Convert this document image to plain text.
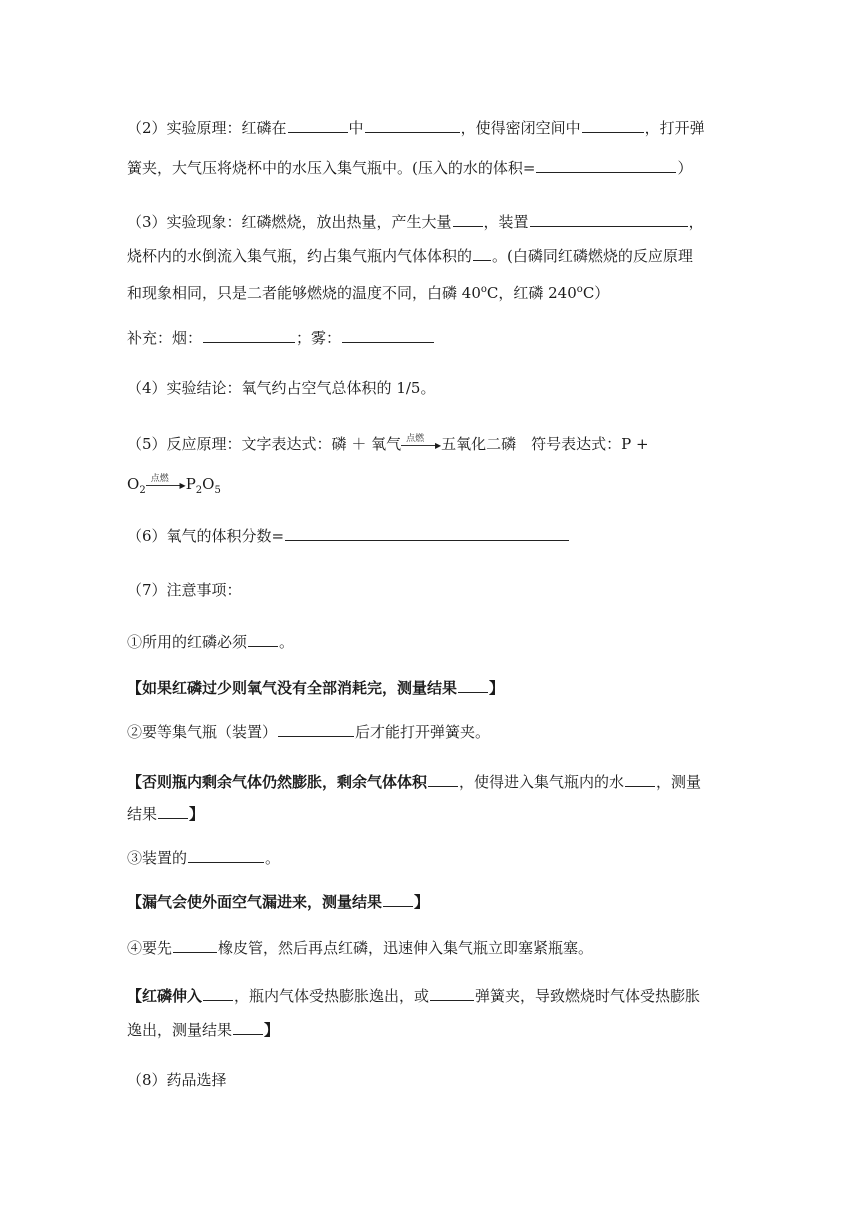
（2）实验原理：红磷在	中	，使得密闭空间中	，打开弹
簧夹，大气压将烧杯中的水压入集气瓶中。(压入的水的体积=	）
（3）实验现象：红磷燃烧，放出热量，产生大量 ，装置	，
烧杯内的水倒流入集气瓶，约占集气瓶内气体体积的 。(白磷同红磷燃烧的反应原理
和现象相同，只是二者能够燃烧的温度不同，白磷 40$^o$C，红磷 240$^o$C）
补充：烟：	；雾：
（4）实验结论：氧气约占空气总体积的 1/5。
（5）反应原理：文字表达式：磷 ＋ 氧气 点燃
▶ 五氧化二磷　符号表达式：P +
$O_2$
点燃
▶ $P_2O_5$
（6）氧气的体积分数=
（7）注意事项：
①所用的红磷必须 。
【如果红磷过少则氧气没有全部消耗完，测量结果 】
②要等集气瓶（装置）	后才能打开弹簧夹。
【否则瓶内剩余气体仍然膨胀，剩余气体体积 ，使得进入集气瓶内的水 ，测量
结果 】
③装置的	。
【漏气会使外面空气漏进来，测量结果 】
④要先	橡皮管，然后再点红磷，迅速伸入集气瓶立即塞紧瓶塞。
【红磷伸入 ，瓶内气体受热膨胀逸出，或	弹簧夹，导致燃烧时气体受热膨胀
逸出，测量结果 】
（8）药品选择
